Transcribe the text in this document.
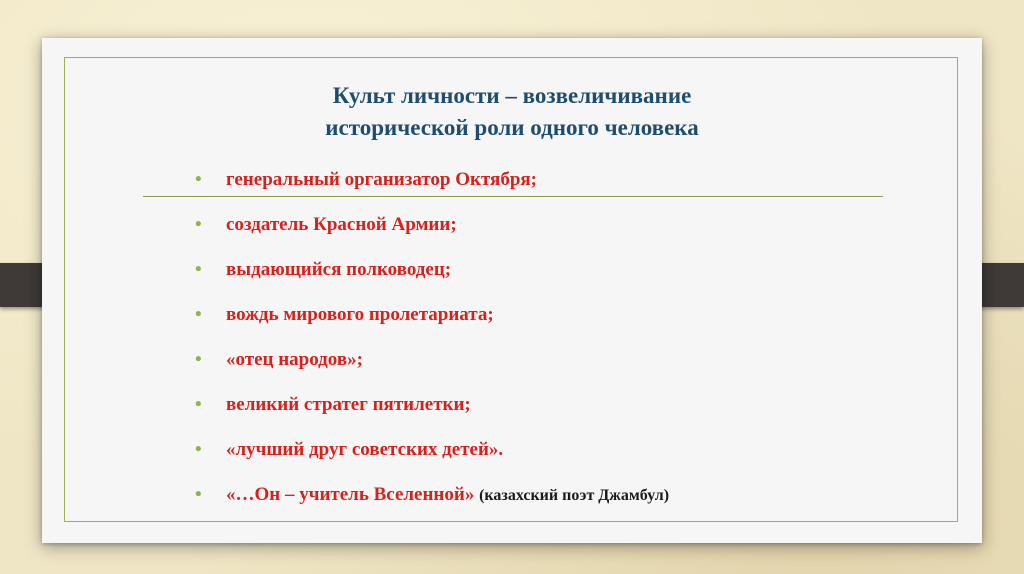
Культ личности – возвеличивание
исторической роли одного человека
• генеральный организатор Октября;
• создатель Красной Армии;
• выдающийся полководец;
• вождь мирового пролетариата;
• «отец народов»;
• великий стратег пятилетки;
• «лучший друг советских детей».
• «…Он – учитель Вселенной» (казахский поэт Джамбул)
